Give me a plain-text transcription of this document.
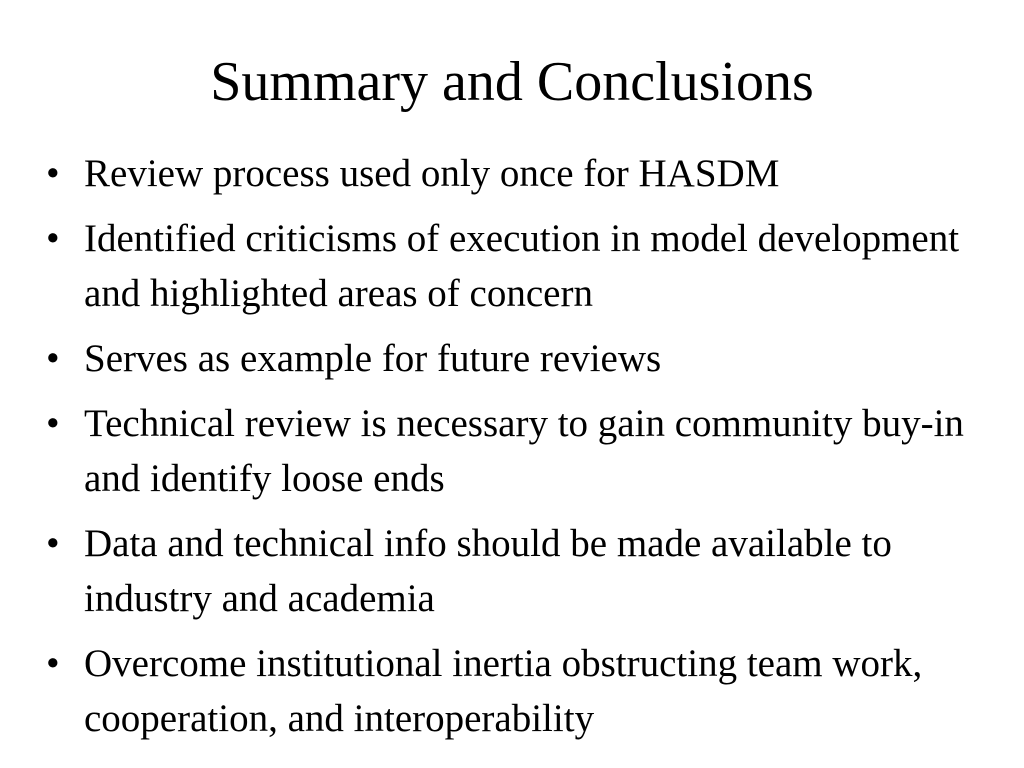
Summary and Conclusions
• Review process used only once for HASDM
• Identified criticisms of execution in model development and highlighted areas of concern
• Serves as example for future reviews
• Technical review is necessary to gain community buy-in and identify loose ends
• Data and technical info should be made available to industry and academia
• Overcome institutional inertia obstructing team work, cooperation, and interoperability
